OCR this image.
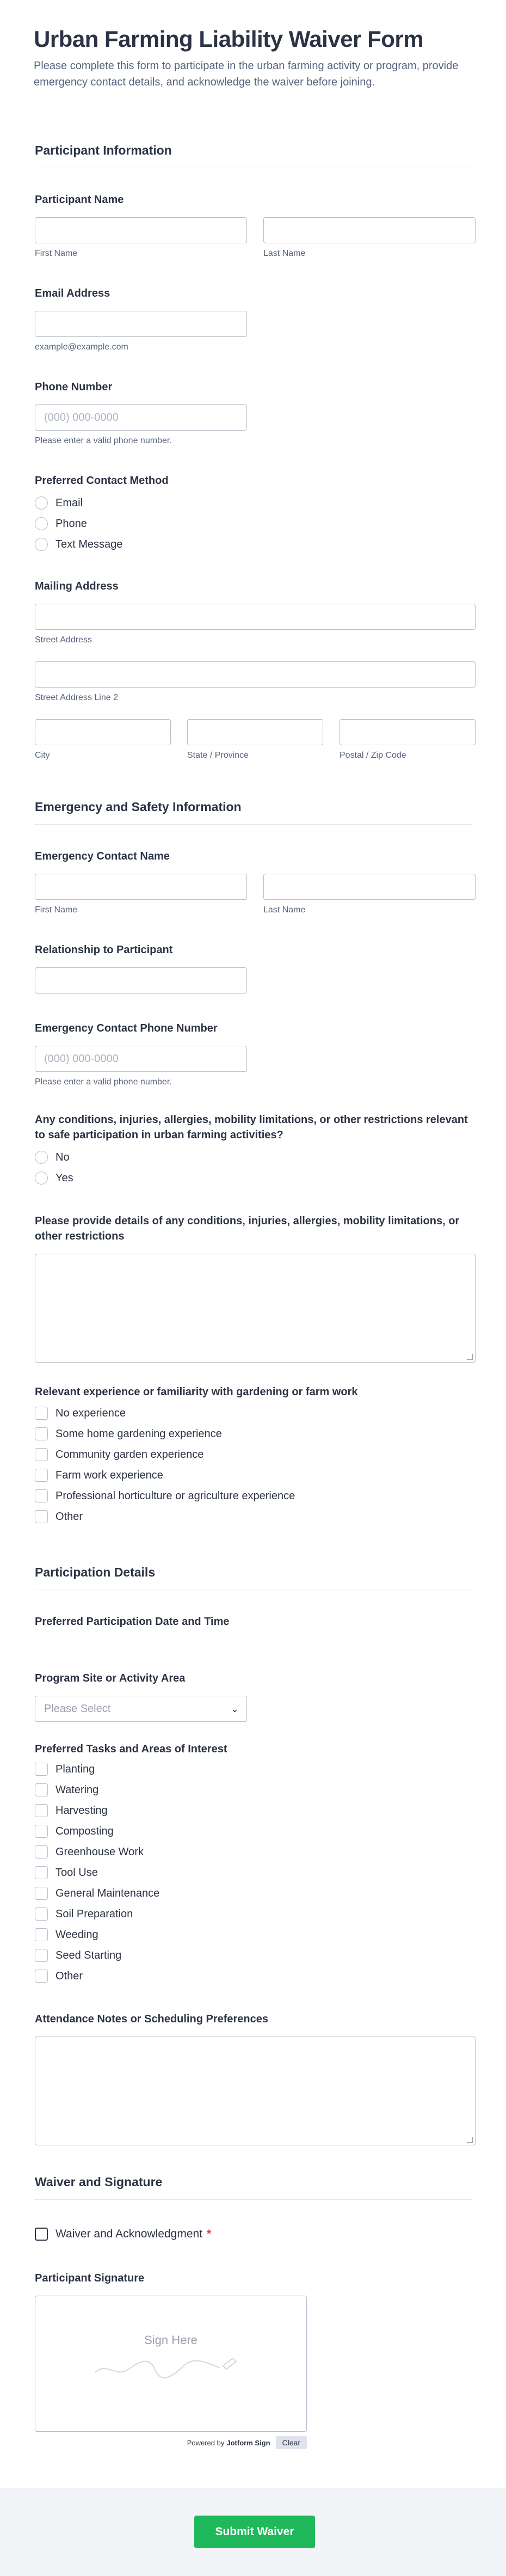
Urban Farming Liability Waiver Form
Please complete this form to participate in the urban farming activity or program, provide emergency contact details, and acknowledge the waiver before joining.
Participant Information
Participant Name
First Name	Last Name
Email Address
example@example.com
Phone Number
(000) 000-0000
Please enter a valid phone number.
Preferred Contact Method
Email
Phone
Text Message
Mailing Address
Street Address
Street Address Line 2
City	State / Province	Postal / Zip Code
Emergency and Safety Information
Emergency Contact Name
First Name	Last Name
Relationship to Participant
Emergency Contact Phone Number
(000) 000-0000
Please enter a valid phone number.
Any conditions, injuries, allergies, mobility limitations, or other restrictions relevant to safe participation in urban farming activities?
No
Yes
Please provide details of any conditions, injuries, allergies, mobility limitations, or other restrictions
Relevant experience or familiarity with gardening or farm work
No experience
Some home gardening experience
Community garden experience
Farm work experience
Professional horticulture or agriculture experience
Other
Participation Details
Preferred Participation Date and Time
Program Site or Activity Area
Please Select	⌄
Preferred Tasks and Areas of Interest
Planting
Watering
Harvesting
Composting
Greenhouse Work
Tool Use
General Maintenance
Soil Preparation
Weeding
Seed Starting
Other
Attendance Notes or Scheduling Preferences
Waiver and Signature
Waiver and Acknowledgment *
Participant Signature
Sign Here
Powered by Jotform Sign	Clear
Submit Waiver
